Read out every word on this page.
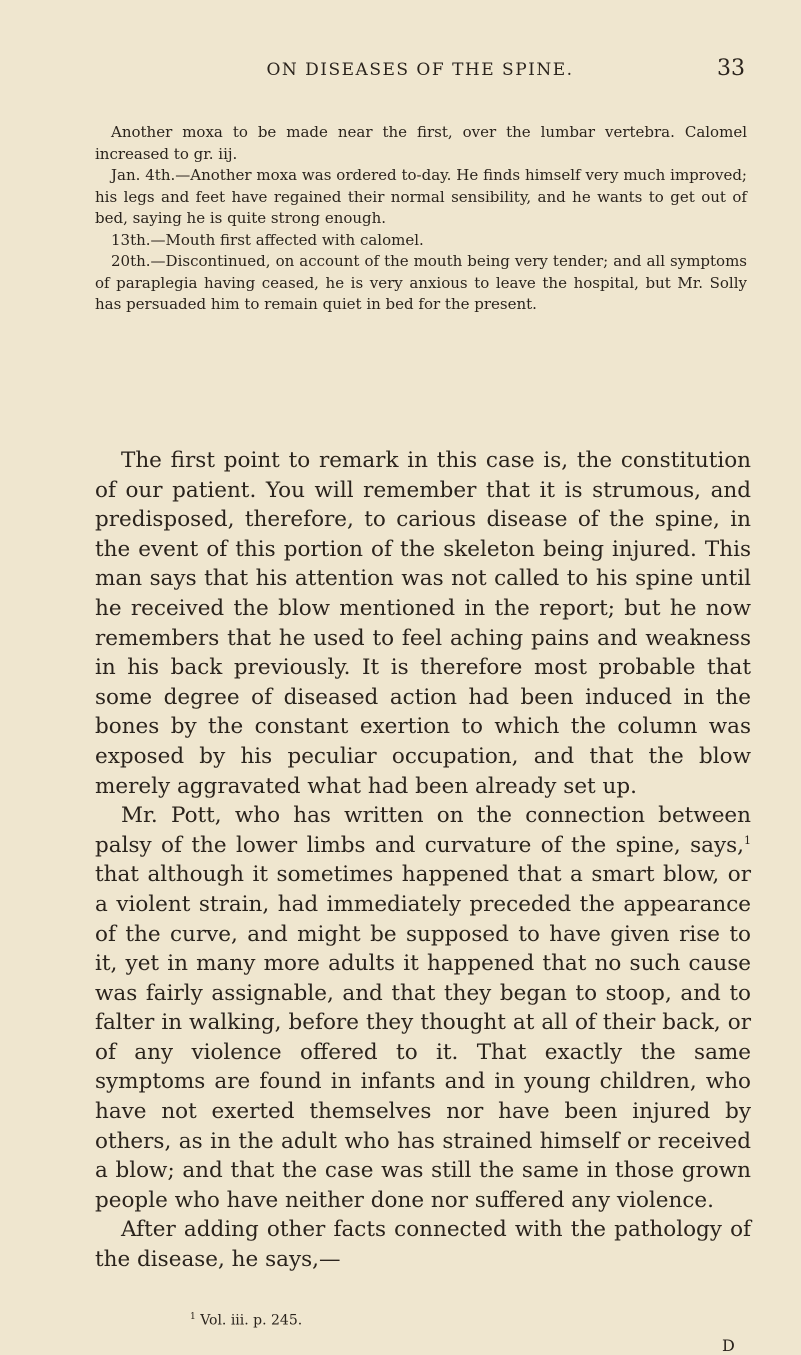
ON DISEASES OF THE SPINE.	33

Another moxa to be made near the first, over the lumbar vertebra. Calomel increased to gr. iij.

Jan. 4th.—Another moxa was ordered to-day. He finds himself very much improved; his legs and feet have regained their normal sensibility, and he wants to get out of bed, saying he is quite strong enough.

13th.—Mouth first affected with calomel.

20th.—Discontinued, on account of the mouth being very tender; and all symptoms of paraplegia having ceased, he is very anxious to leave the hospital, but Mr. Solly has persuaded him to remain quiet in bed for the present.

The first point to remark in this case is, the constitution of our patient. You will remember that it is strumous, and predisposed, therefore, to carious disease of the spine, in the event of this portion of the skeleton being injured. This man says that his attention was not called to his spine until he received the blow mentioned in the report; but he now remembers that he used to feel aching pains and weakness in his back previously. It is therefore most probable that some degree of diseased action had been induced in the bones by the constant exertion to which the column was exposed by his peculiar occupation, and that the blow merely aggravated what had been already set up.

Mr. Pott, who has written on the connection between palsy of the lower limbs and curvature of the spine, says,$^1$ that although it sometimes happened that a smart blow, or a violent strain, had immediately preceded the appearance of the curve, and might be supposed to have given rise to it, yet in many more adults it happened that no such cause was fairly assignable, and that they began to stoop, and to falter in walking, before they thought at all of their back, or of any violence offered to it. That exactly the same symptoms are found in infants and in young children, who have not exerted themselves nor have been injured by others, as in the adult who has strained himself or received a blow; and that the case was still the same in those grown people who have neither done nor suffered any violence.

After adding other facts connected with the pathology of the disease, he says,—

$^1$ Vol. iii. p. 245.
D
